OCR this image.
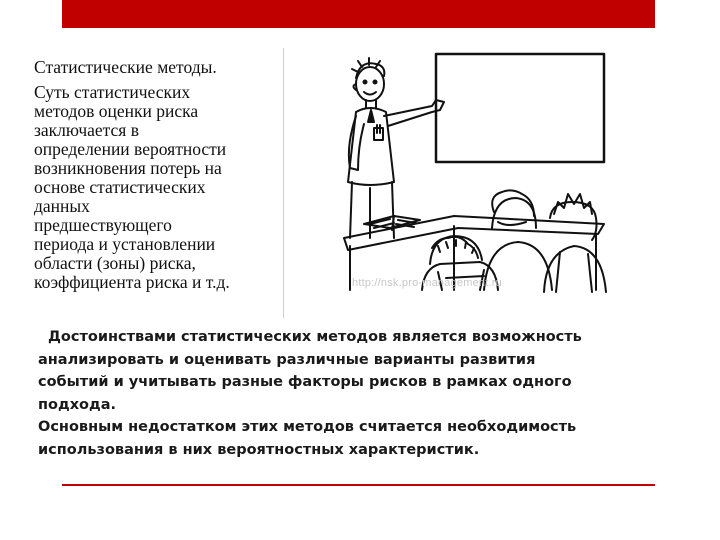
Статистические методы.

Суть статистических

методов оценки риска

заключается в

определении вероятности

возникновения потерь на

основе статистических

данных

предшествующего

периода и установлении

области (зоны) риска,

коэффициента риска и т.д.	http://nsk.pro-management.ru

Достоинствами статистических методов является возможность

анализировать и оценивать различные варианты развития

событий и учитывать разные факторы рисков в рамках одного

подхода.

Основным недостатком этих методов считается необходимость

использования в них вероятностных характеристик.
